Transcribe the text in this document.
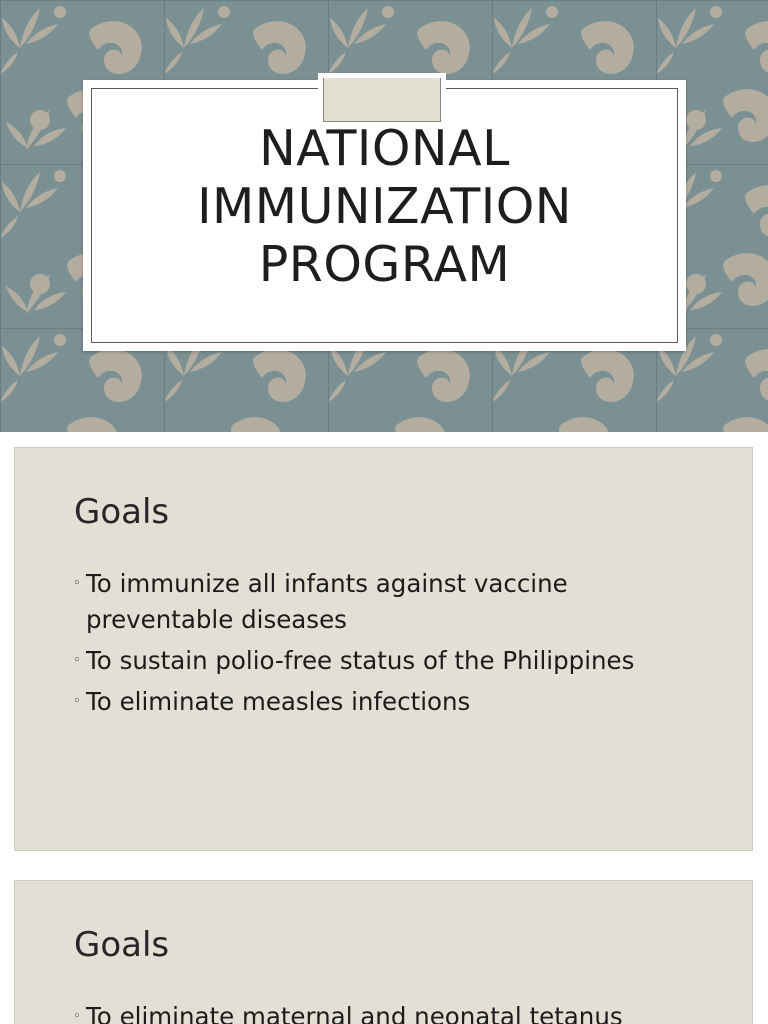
NATIONAL
IMMUNIZATION
PROGRAM
Goals
◦ To immunize all infants against vaccine preventable diseases
◦ To sustain polio-free status of the Philippines
◦ To eliminate measles infections
Goals
◦ To eliminate maternal and neonatal tetanus
